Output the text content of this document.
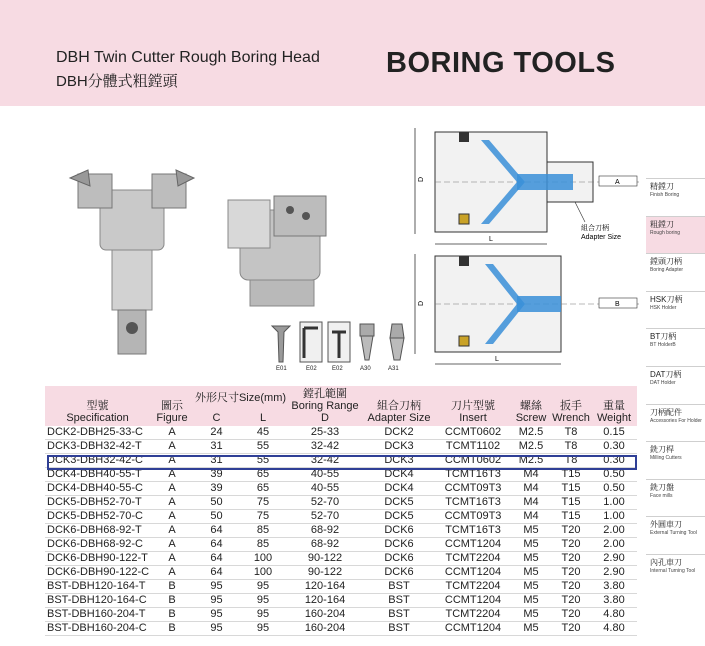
DBH Twin Cutter Rough Boring Head
DBH分體式粗鏜頭
BORING TOOLS
E01	E02	E02	A30	A31
D
L
A
組合刀柄
Adapter Size
D
L
B
精鏜刀
Finish Boring
粗鏜刀
Rough boring
鏜頭刀柄
Boring Adapter
HSK刀柄
HSK Holder
BT刀柄
BT HolderB
DAT刀柄
DAT Holder
刀柄配件
Accessories For Holder
銑刀桿
Milling Cutters
銑刀盤
Face mills
外圓車刀
External Turning Tool
內孔車刀
Internal Turning Tool
型號
Specification	圖示
Figure	外形尺寸Size(mm)		鏜孔範圍
Boring Range
D	組合刀柄
Adapter Size	刀片型號
Insert	螺絲
Screw	扳手
Wrench	重量
Weight

		C	L						
DCK2-DBH25-33-C	A	24	45	25-33	DCK2	CCMT0602	M2.5	T8	0.15
DCK3-DBH32-42-T	A	31	55	32-42	DCK3	TCMT1102	M2.5	T8	0.30
DCK3-DBH32-42-C	A	31	55	32-42	DCK3	CCMT0602	M2.5	T8	0.30
DCK4-DBH40-55-T	A	39	65	40-55	DCK4	TCMT16T3	M4	T15	0.50
DCK4-DBH40-55-C	A	39	65	40-55	DCK4	CCMT09T3	M4	T15	0.50
DCK5-DBH52-70-T	A	50	75	52-70	DCK5	TCMT16T3	M4	T15	1.00
DCK5-DBH52-70-C	A	50	75	52-70	DCK5	CCMT09T3	M4	T15	1.00
DCK6-DBH68-92-T	A	64	85	68-92	DCK6	TCMT16T3	M5	T20	2.00
DCK6-DBH68-92-C	A	64	85	68-92	DCK6	CCMT1204	M5	T20	2.00
DCK6-DBH90-122-T	A	64	100	90-122	DCK6	TCMT2204	M5	T20	2.90
DCK6-DBH90-122-C	A	64	100	90-122	DCK6	CCMT1204	M5	T20	2.90
BST-DBH120-164-T	B	95	95	120-164	BST	TCMT2204	M5	T20	3.80
BST-DBH120-164-C	B	95	95	120-164	BST	CCMT1204	M5	T20	3.80
BST-DBH160-204-T	B	95	95	160-204	BST	TCMT2204	M5	T20	4.80
BST-DBH160-204-C	B	95	95	160-204	BST	CCMT1204	M5	T20	4.80
